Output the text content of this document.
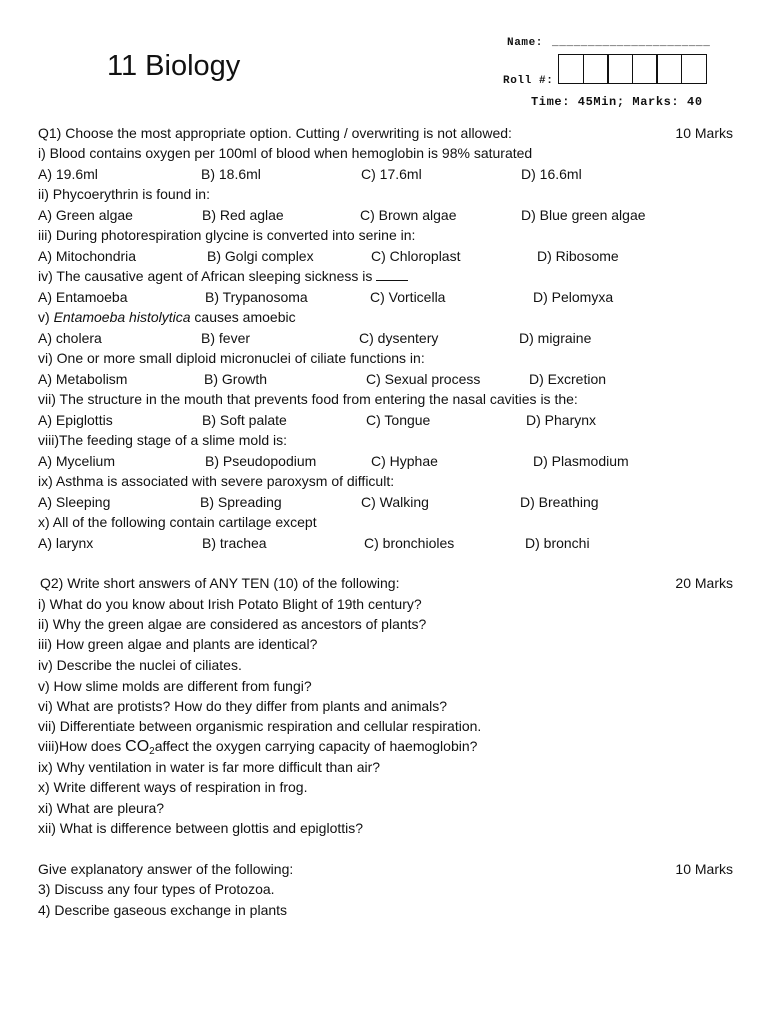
11 Biology
Name: ______________________
Roll #:
Time: 45Min; Marks: 40
Q1) Choose the most appropriate option. Cutting / overwriting is not allowed:	10 Marks
i) Blood contains oxygen per 100ml of blood when hemoglobin is 98% saturated
A) 19.6ml	B) 18.6ml	C) 17.6ml	D) 16.6ml
ii) Phycoerythrin is found in:
A) Green algae	B) Red aglae	C) Brown algae	D) Blue green algae
iii) During photorespiration glycine is converted into serine in:
A) Mitochondria	B) Golgi complex	C) Chloroplast	D) Ribosome
iv) The causative agent of African sleeping sickness is
A) Entamoeba	B) Trypanosoma	C) Vorticella	D) Pelomyxa
v) Entamoeba histolytica causes amoebic
A) cholera	B) fever	C) dysentery	D) migraine
vi) One or more small diploid micronuclei of ciliate functions in:
A) Metabolism	B) Growth	C) Sexual process	D) Excretion
vii) The structure in the mouth that prevents food from entering the nasal cavities is the:
A) Epiglottis	B) Soft palate	C) Tongue	D) Pharynx
viii)The feeding stage of a slime mold is:
A) Mycelium	B) Pseudopodium	C) Hyphae	D) Plasmodium
ix) Asthma is associated with severe paroxysm of difficult:
A) Sleeping	B) Spreading	C) Walking	D) Breathing
x) All of the following contain cartilage except
A) larynx	B) trachea	C) bronchioles	D) bronchi
Q2) Write short answers of ANY TEN (10) of the following:	20 Marks
i) What do you know about Irish Potato Blight of 19th century?
ii) Why the green algae are considered as ancestors of plants?
iii) How green algae and plants are identical?
iv) Describe the nuclei of ciliates.
v) How slime molds are different from fungi?
vi) What are protists? How do they differ from plants and animals?
vii) Differentiate between organismic respiration and cellular respiration.
viii)How does $CO_2affect$ the oxygen carrying capacity of haemoglobin?
ix) Why ventilation in water is far more difficult than air?
x) Write different ways of respiration in frog.
xi) What are pleura?
xii) What is difference between glottis and epiglottis?
Give explanatory answer of the following:	10 Marks
3) Discuss any four types of Protozoa.
4) Describe gaseous exchange in plants
